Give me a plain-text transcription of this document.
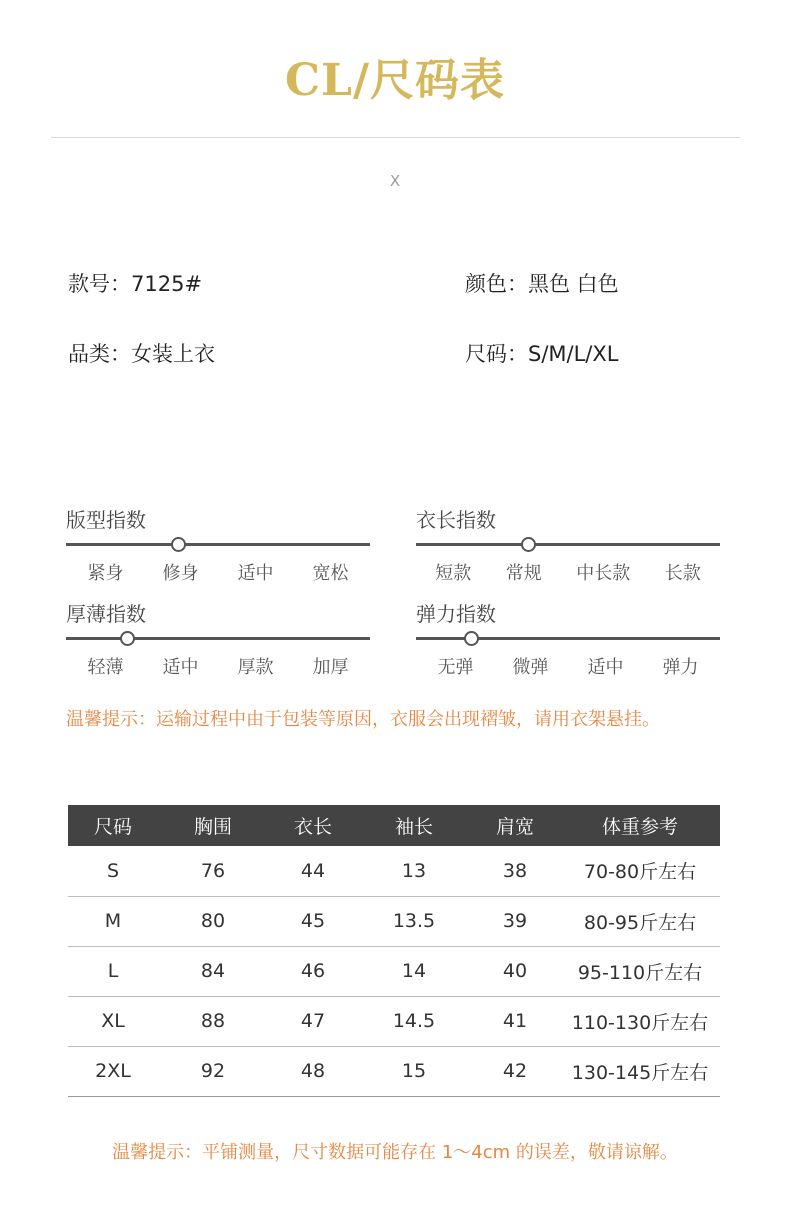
CL/尺码表
X
款号：7125#	颜色：黑色 白色
品类：女装上衣	尺码：S/M/L/XL
版型指数
紧身 修身 适中 宽松
衣长指数
短款 常规 中长款 长款
厚薄指数
轻薄 适中 厚款 加厚
弹力指数
无弹 微弹 适中 弹力
温馨提示：运输过程中由于包装等原因，衣服会出现褶皱，请用衣架悬挂。
尺码	胸围	衣长	袖长	肩宽	体重参考
S	76	44	13	38	70-80斤左右
M	80	45	13.5	39	80-95斤左右
L	84	46	14	40	95-110斤左右
XL	88	47	14.5	41	110-130斤左右
2XL	92	48	15	42	130-145斤左右
温馨提示：平铺测量，尺寸数据可能存在 1～4cm 的误差，敬请谅解。
